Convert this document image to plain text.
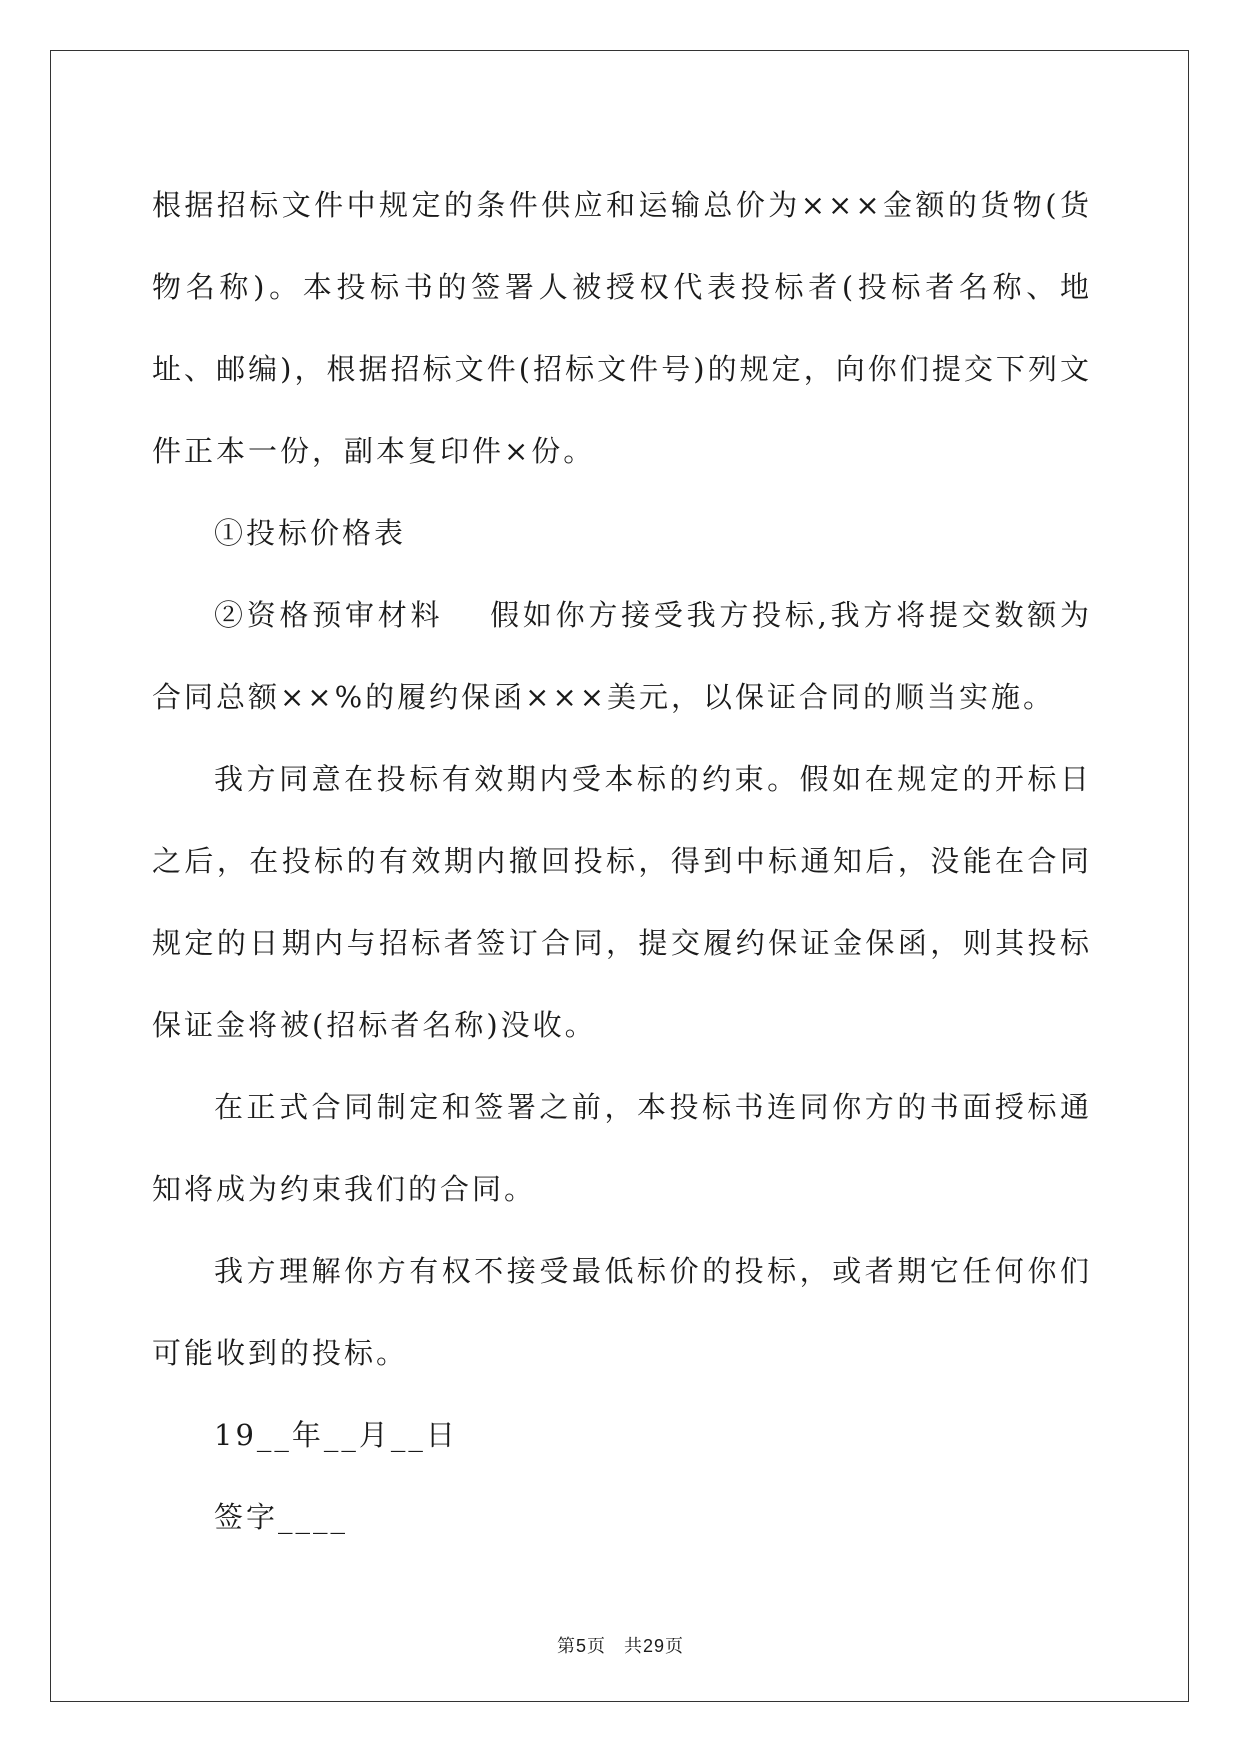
根据招标文件中规定的条件供应和运输总价为×××金额的货物(货物名称)。本投标书的签署人被授权代表投标者(投标者名称、地址、邮编)，根据招标文件(招标文件号)的规定，向你们提交下列文件正本一份，副本复印件×份。

①投标价格表

②资格预审材料 假如你方接受我方投标,我方将提交数额为合同总额××%的履约保函×××美元，以保证合同的顺当实施。

我方同意在投标有效期内受本标的约束。假如在规定的开标日之后，在投标的有效期内撤回投标，得到中标通知后，没能在合同规定的日期内与招标者签订合同，提交履约保证金保函，则其投标保证金将被(招标者名称)没收。

在正式合同制定和签署之前，本投标书连同你方的书面授标通知将成为约束我们的合同。

我方理解你方有权不接受最低标价的投标，或者期它任何你们可能收到的投标。

19__年__月__日

签字____

第5页 共29页
